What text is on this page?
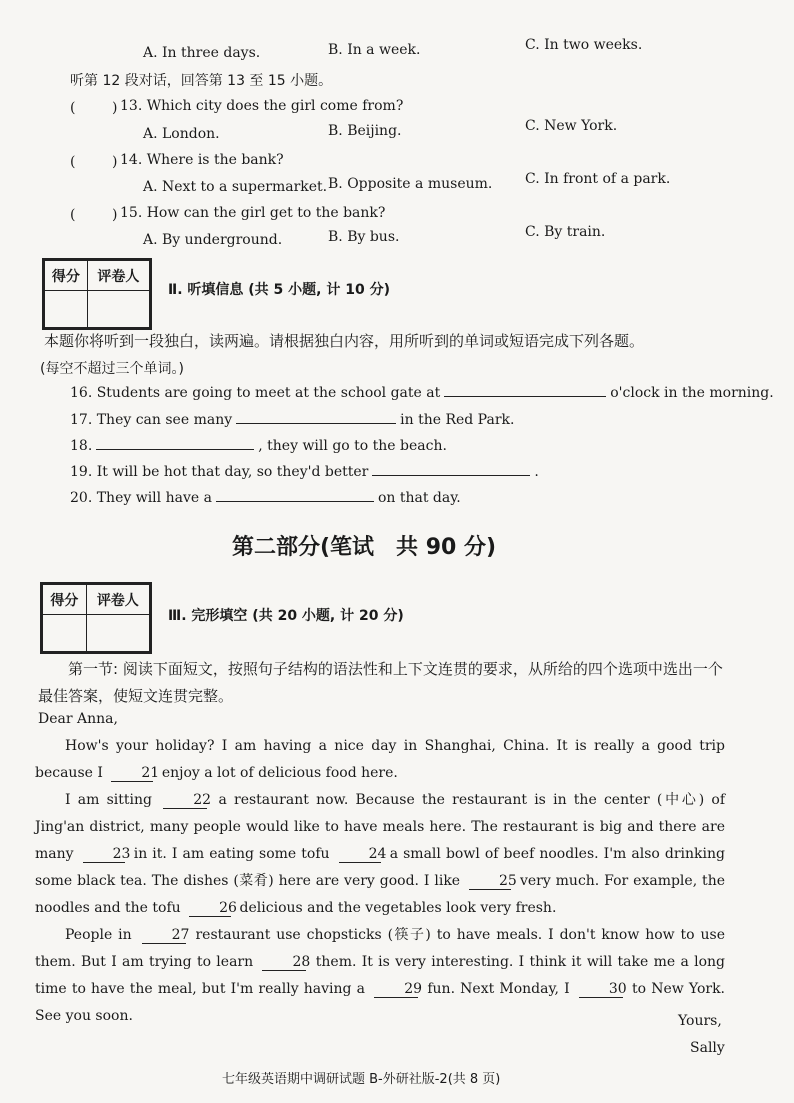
A. In three days.	B. In a week.	C. In two weeks.
听第 12 段对话，回答第 13 至 15 小题。
(	) 13. Which city does the girl come from?
A. London.	B. Beijing.	C. New York.
(	) 14. Where is the bank?
A. Next to a supermarket. B. Opposite a museum. C. In front of a park.
(	) 15. How can the girl get to the bank?
A. By underground.	B. By bus.	C. By train.
得分	评卷人

Ⅱ. 听填信息 (共 5 小题, 计 10 分)
本题你将听到一段独白，读两遍。请根据独白内容，用所听到的单词或短语完成下列各题。
(每空不超过三个单词。)
16. Students are going to meet at the school gate at	o'clock in the morning.
17. They can see many	in the Red Park.
18.	, they will go to the beach.
19. It will be hot that day, so they'd better	.
20. They will have a	on that day.
第二部分(笔试　共 90 分)
得分	评卷人

Ⅲ. 完形填空 (共 20 小题, 计 20 分)
第一节: 阅读下面短文，按照句子结构的语法性和上下文连贯的要求，从所给的四个选项中选出一个最佳答案，使短文连贯完整。
Dear Anna,

How's your holiday? I am having a nice day in Shanghai, China. It is really a good trip because I	21 enjoy a lot of delicious food here.

I am sitting	22 a restaurant now. Because the restaurant is in the center (中心) of Jing'an district, many people would like to have meals here. The restaurant is big and there are many	23 in it. I am eating some tofu	24 a small bowl of beef noodles. I'm also drinking some black tea. The dishes (菜肴) here are very good. I like	25 very much. For example, the noodles and the tofu	26 delicious and the vegetables look very fresh.

People in	27 restaurant use chopsticks (筷子) to have meals. I don't know how to use them. But I am trying to learn	28 them. It is very interesting. I think it will take me a long time to have the meal, but I'm really having a	29 fun. Next Monday, I	30 to New York. See you soon.	Yours,
Sally
七年级英语期中调研试题 B-外研社版-2(共 8 页)
